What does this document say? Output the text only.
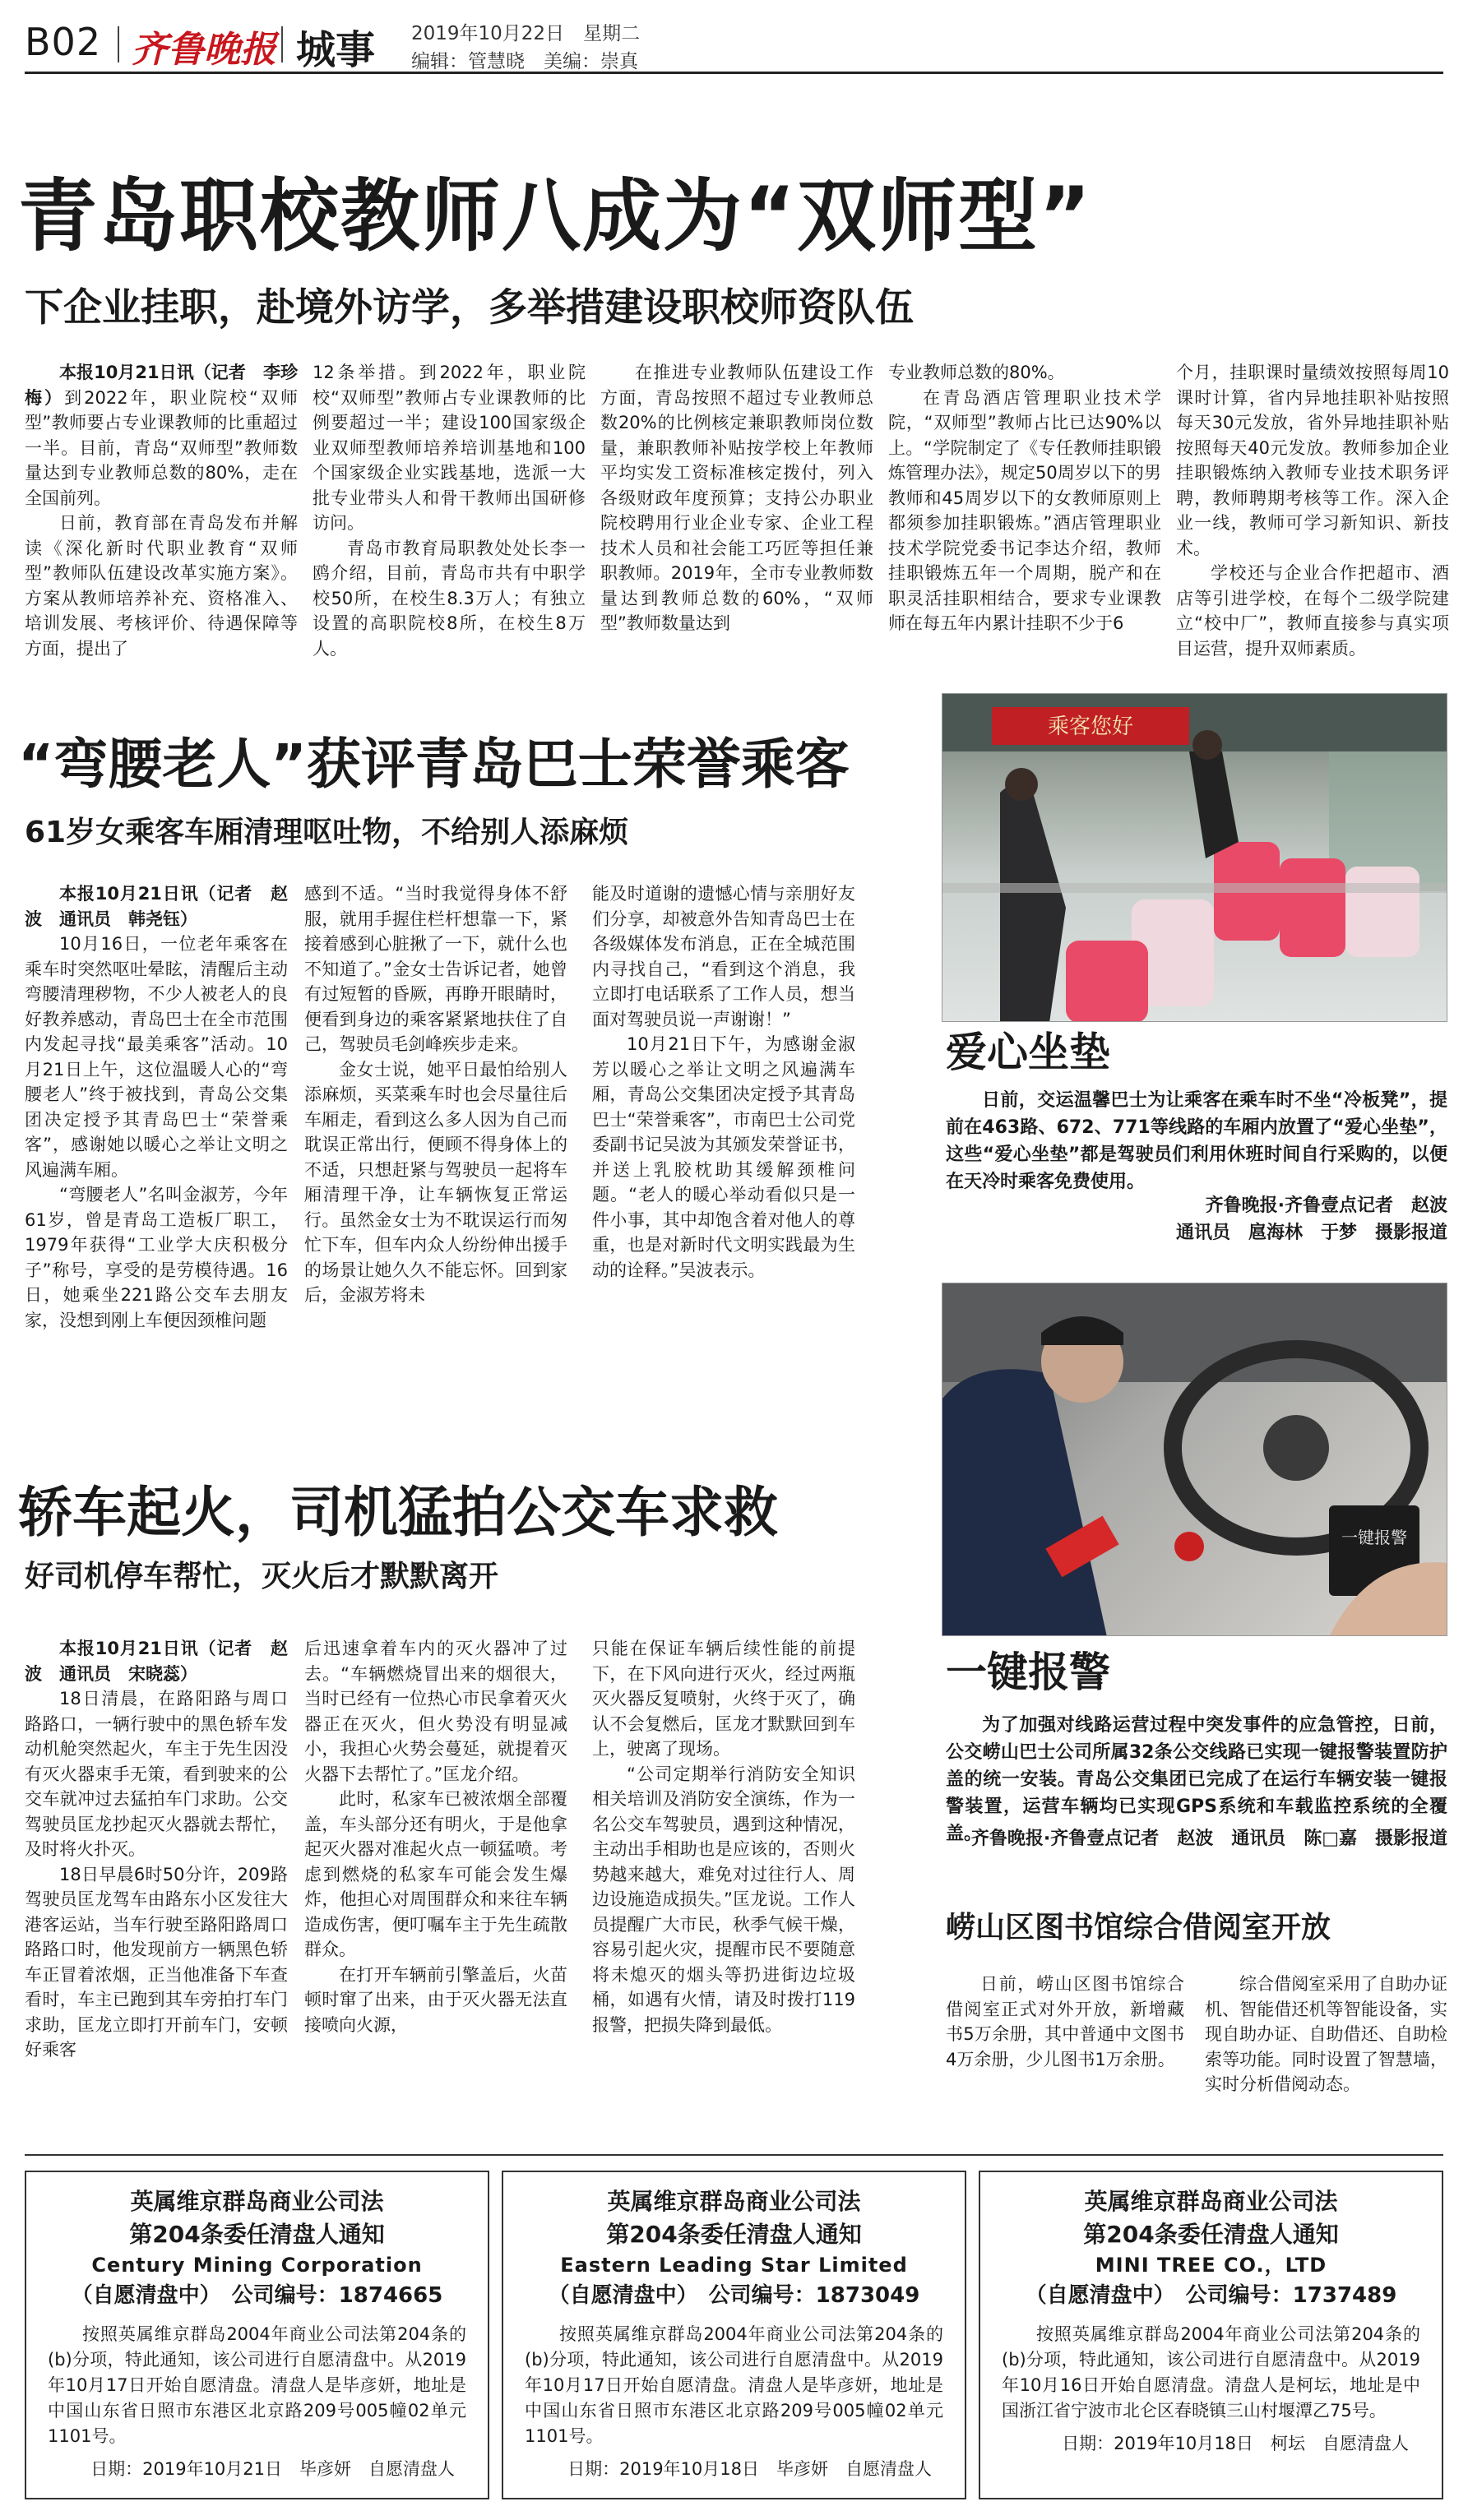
B02 齐鲁晚报 城事 2019年10月22日　星期二
编辑：管慧晓　美编：崇真
青岛职校教师八成为“双师型”
下企业挂职，赴境外访学，多举措建设职校师资队伍

本报10月21日讯（记者　李珍梅）到2022年，职业院校“双师型”教师要占专业课教师的比重超过一半。目前，青岛“双师型”教师数量达到专业教师总数的80%，走在全国前列。

日前，教育部在青岛发布并解读《深化新时代职业教育“双师型”教师队伍建设改革实施方案》。方案从教师培养补充、资格准入、培训发展、考核评价、待遇保障等方面，提出了

12条举措。到2022年，职业院校“双师型”教师占专业课教师的比例要超过一半；建设100国家级企业双师型教师培养培训基地和100个国家级企业实践基地，选派一大批专业带头人和骨干教师出国研修访问。

青岛市教育局职教处处长李一鸥介绍，目前，青岛市共有中职学校50所，在校生8.3万人；有独立设置的高职院校8所，在校生8万人。

在推进专业教师队伍建设工作方面，青岛按照不超过专业教师总数20%的比例核定兼职教师岗位数量，兼职教师补贴按学校上年教师平均实发工资标准核定拨付，列入各级财政年度预算；支持公办职业院校聘用行业企业专家、企业工程技术人员和社会能工巧匠等担任兼职教师。2019年，全市专业教师数量达到教师总数的60%，“双师型”教师数量达到

专业教师总数的80%。

在青岛酒店管理职业技术学院，“双师型”教师占比已达90%以上。“学院制定了《专任教师挂职锻炼管理办法》，规定50周岁以下的男教师和45周岁以下的女教师原则上都须参加挂职锻炼。”酒店管理职业技术学院党委书记李达介绍，教师挂职锻炼五年一个周期，脱产和在职灵活挂职相结合，要求专业课教师在每五年内累计挂职不少于6

个月，挂职课时量绩效按照每周10课时计算，省内异地挂职补贴按照每天30元发放，省外异地挂职补贴按照每天40元发放。教师参加企业挂职锻炼纳入教师专业技术职务评聘，教师聘期考核等工作。深入企业一线，教师可学习新知识、新技术。

学校还与企业合作把超市、酒店等引进学校，在每个二级学院建立“校中厂”，教师直接参与真实项目运营，提升双师素质。

“弯腰老人”获评青岛巴士荣誉乘客
61岁女乘客车厢清理呕吐物，不给别人添麻烦

本报10月21日讯（记者　赵波　通讯员　韩尧钰）

10月16日，一位老年乘客在乘车时突然呕吐晕眩，清醒后主动弯腰清理秽物，不少人被老人的良好教养感动，青岛巴士在全市范围内发起寻找“最美乘客”活动。10月21日上午，这位温暖人心的“弯腰老人”终于被找到，青岛公交集团决定授予其青岛巴士“荣誉乘客”，感谢她以暖心之举让文明之风遍满车厢。

“弯腰老人”名叫金淑芳，今年61岁，曾是青岛工造板厂职工，1979年获得“工业学大庆积极分子”称号，享受的是劳模待遇。16日，她乘坐221路公交车去朋友家，没想到刚上车便因颈椎问题

感到不适。“当时我觉得身体不舒服，就用手握住栏杆想靠一下，紧接着感到心脏揪了一下，就什么也不知道了。”金女士告诉记者，她曾有过短暂的昏厥，再睁开眼睛时，便看到身边的乘客紧紧地扶住了自己，驾驶员毛剑峰疾步走来。

金女士说，她平日最怕给别人添麻烦，买菜乘车时也会尽量往后车厢走，看到这么多人因为自己而耽误正常出行，便顾不得身体上的不适，只想赶紧与驾驶员一起将车厢清理干净，让车辆恢复正常运行。虽然金女士为不耽误运行而匆忙下车，但车内众人纷纷伸出援手的场景让她久久不能忘怀。回到家后，金淑芳将未

能及时道谢的遗憾心情与亲朋好友们分享，却被意外告知青岛巴士在各级媒体发布消息，正在全城范围内寻找自己，“看到这个消息，我立即打电话联系了工作人员，想当面对驾驶员说一声谢谢！”

10月21日下午，为感谢金淑芳以暖心之举让文明之风遍满车厢，青岛公交集团决定授予其青岛巴士“荣誉乘客”，市南巴士公司党委副书记吴波为其颁发荣誉证书，并送上乳胶枕助其缓解颈椎问题。“老人的暖心举动看似只是一件小事，其中却饱含着对他人的尊重，也是对新时代文明实践最为生动的诠释。”吴波表示。

乘客您好
爱心坐垫
日前，交运温馨巴士为让乘客在乘车时不坐“冷板凳”，提前在463路、672、771等线路的车厢内放置了“爱心坐垫”，这些“爱心坐垫”都是驾驶员们利用休班时间自行采购的，以便在天冷时乘客免费使用。
齐鲁晚报·齐鲁壹点记者　赵波
通讯员　扈海林　于梦　摄影报道
一键报警
一键报警
为了加强对线路运营过程中突发事件的应急管控，日前，公交崂山巴士公司所属32条公交线路已实现一键报警装置防护盖的统一安装。青岛公交集团已完成了在运行车辆安装一键报警装置，运营车辆均已实现GPS系统和车载监控系统的全覆盖。
齐鲁晚报·齐鲁壹点记者　赵波　通讯员　陈□嘉　摄影报道
轿车起火，司机猛拍公交车求救
好司机停车帮忙，灭火后才默默离开

本报10月21日讯（记者　赵波　通讯员　宋晓蕊）

18日清晨，在路阳路与周口路路口，一辆行驶中的黑色轿车发动机舱突然起火，车主于先生因没有灭火器束手无策，看到驶来的公交车就冲过去猛拍车门求助。公交驾驶员匡龙抄起灭火器就去帮忙，及时将火扑灭。

18日早晨6时50分许，209路驾驶员匡龙驾车由路东小区发往大港客运站，当车行驶至路阳路周口路路口时，他发现前方一辆黑色轿车正冒着浓烟，正当他准备下车查看时，车主已跑到其车旁拍打车门求助，匡龙立即打开前车门，安顿好乘客

后迅速拿着车内的灭火器冲了过去。“车辆燃烧冒出来的烟很大，当时已经有一位热心市民拿着灭火器正在灭火，但火势没有明显减小，我担心火势会蔓延，就提着灭火器下去帮忙了。”匡龙介绍。

此时，私家车已被浓烟全部覆盖，车头部分还有明火，于是他拿起灭火器对准起火点一顿猛喷。考虑到燃烧的私家车可能会发生爆炸，他担心对周围群众和来往车辆造成伤害，便叮嘱车主于先生疏散群众。

在打开车辆前引擎盖后，火苗顿时窜了出来，由于灭火器无法直接喷向火源，

只能在保证车辆后续性能的前提下，在下风向进行灭火，经过两瓶灭火器反复喷射，火终于灭了，确认不会复燃后，匡龙才默默回到车上，驶离了现场。

“公司定期举行消防安全知识相关培训及消防安全演练，作为一名公交车驾驶员，遇到这种情况，主动出手相助也是应该的，否则火势越来越大，难免对过往行人、周边设施造成损失。”匡龙说。工作人员提醒广大市民，秋季气候干燥，容易引起火灾，提醒市民不要随意将未熄灭的烟头等扔进街边垃圾桶，如遇有火情，请及时拨打119报警，把损失降到最低。

崂山区图书馆综合借阅室开放

日前，崂山区图书馆综合借阅室正式对外开放，新增藏书5万余册，其中普通中文图书4万余册，少儿图书1万余册。

综合借阅室采用了自助办证机、智能借还机等智能设备，实现自助办证、自助借还、自助检索等功能。同时设置了智慧墙，实时分析借阅动态。

英属维京群岛商业公司法
第204条委任清盘人通知
Century Mining Corporation
（自愿清盘中）　公司编号：1874665
按照英属维京群岛2004年商业公司法第204条的(b)分项，特此通知，该公司进行自愿清盘中。从2019年10月17日开始自愿清盘。清盘人是毕彦妍，地址是中国山东省日照市东港区北京路209号005幢02单元1101号。
日期：2019年10月21日　毕彦妍　自愿清盘人
英属维京群岛商业公司法
第204条委任清盘人通知
Eastern Leading Star Limited
（自愿清盘中）　公司编号：1873049
按照英属维京群岛2004年商业公司法第204条的(b)分项，特此通知，该公司进行自愿清盘中。从2019年10月17日开始自愿清盘。清盘人是毕彦妍，地址是中国山东省日照市东港区北京路209号005幢02单元1101号。
日期：2019年10月18日　毕彦妍　自愿清盘人
英属维京群岛商业公司法
第204条委任清盘人通知
MINI TREE CO.，LTD
（自愿清盘中）　公司编号：1737489
按照英属维京群岛2004年商业公司法第204条的(b)分项，特此通知，该公司进行自愿清盘中。从2019年10月16日开始自愿清盘。清盘人是柯坛，地址是中国浙江省宁波市北仑区春晓镇三山村堰潭乙75号。
日期：2019年10月18日　柯坛　自愿清盘人
